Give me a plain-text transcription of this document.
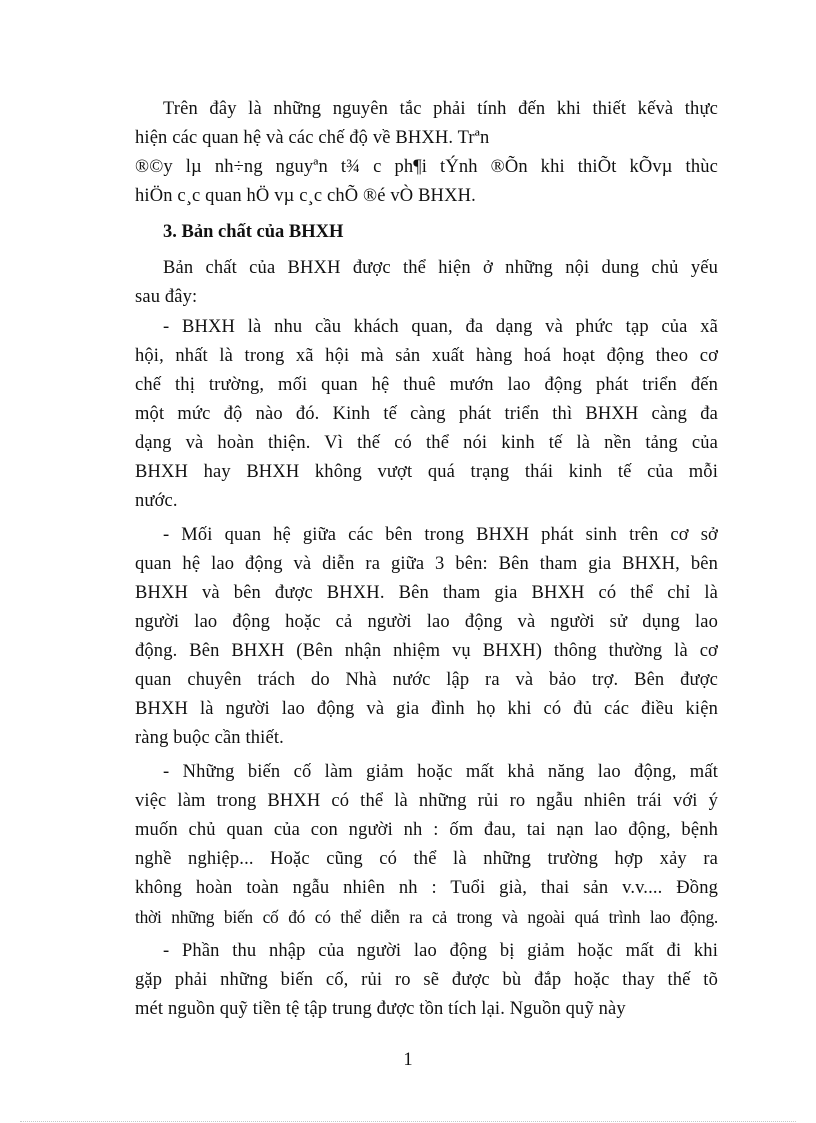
Trên đây là những nguyên tắc phải tính đến khi thiết kếvà thực
hiện các quan hệ và các chế độ về BHXH. Trªn
®©y lµ nh÷ng nguyªn t¾ c ph¶i tÝnh ®Õn khi thiÕt kÕvµ thùc
hiÖn c¸c quan hÖ vµ c¸c chÕ ®é vÒ BHXH.
3. Bản chất của BHXH
Bản chất của BHXH được thể hiện ở những nội dung chủ yếu
sau đây:
- BHXH là nhu cầu khách quan, đa dạng và phức tạp của xã
hội, nhất là trong xã hội mà sản xuất hàng hoá hoạt động theo cơ
chế thị trường, mối quan hệ thuê mướn lao động phát triển đến
một mức độ nào đó. Kinh tế càng phát triển thì BHXH càng đa
dạng và hoàn thiện. Vì thế có thể nói kinh tế là nền tảng của
BHXH hay BHXH không vượt quá trạng thái kinh tế của mỗi
nước.
- Mối quan hệ giữa các bên trong BHXH phát sinh trên cơ sở
quan hệ lao động và diễn ra giữa 3 bên: Bên tham gia BHXH, bên
BHXH và bên được BHXH. Bên tham gia BHXH có thể chỉ là
người lao động hoặc cả người lao động và người sử dụng lao
động. Bên BHXH (Bên nhận nhiệm vụ BHXH) thông thường là cơ
quan chuyên trách do Nhà nước lập ra và bảo trợ. Bên được
BHXH là người lao động và gia đình họ khi có đủ các điều kiện
ràng buộc cần thiết.
- Những biến cố làm giảm hoặc mất khả năng lao động, mất
việc làm trong BHXH có thể là những rủi ro ngẫu nhiên trái với ý
muốn chủ quan của con người nh : ốm đau, tai nạn lao động, bệnh
nghề nghiệp... Hoặc cũng có thể là những trường hợp xảy ra
không hoàn toàn ngẫu nhiên nh : Tuổi già, thai sản v.v.... Đồng
thời những biến cố đó có thể diễn ra cả trong và ngoài quá trình lao động.
- Phần thu nhập của người lao động bị giảm hoặc mất đi khi
gặp phải những biến cố, rủi ro sẽ được bù đắp hoặc thay thế tõ
mét nguồn quỹ tiền tệ tập trung được tồn tích lại. Nguồn quỹ này
1
